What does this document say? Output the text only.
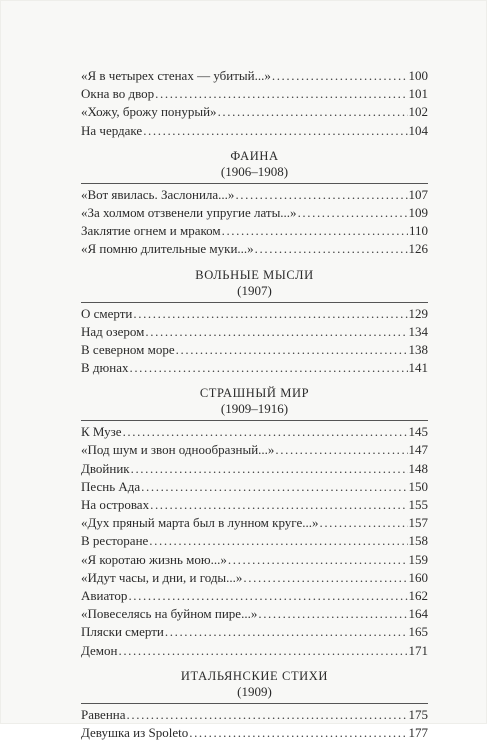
«Я в четырех стенах — убитый...» .....	100
Окна во двор .....	101
«Хожу, брожу понурый» .....	102
На чердаке .....	104
ФАИНА
(1906–1908)
«Вот явилась. Заслонила...» .....	107
«За холмом отзвенели упругие латы...» .....	109
Заклятие огнем и мраком .....	110
«Я помню длительные муки...» .....	126
ВОЛЬНЫЕ МЫСЛИ
(1907)
О смерти .....	129
Над озером .....	134
В северном море .....	138
В дюнах .....	141
СТРАШНЫЙ МИР
(1909–1916)
К Музе .....	145
«Под шум и звон однообразный...» .....	147
Двойник .....	148
Песнь Ада .....	150
На островах .....	155
«Дух пряный марта был в лунном круге...» .....	157
В ресторане .....	158
«Я коротаю жизнь мою...» .....	159
«Идут часы, и дни, и годы...» .....	160
Авиатор .....	162
«Повеселясь на буйном пире...» .....	164
Пляски смерти .....	165
Демон .....	171
ИТАЛЬЯНСКИЕ СТИХИ
(1909)
Равенна .....	175
Девушка из Spoleto .....	177
